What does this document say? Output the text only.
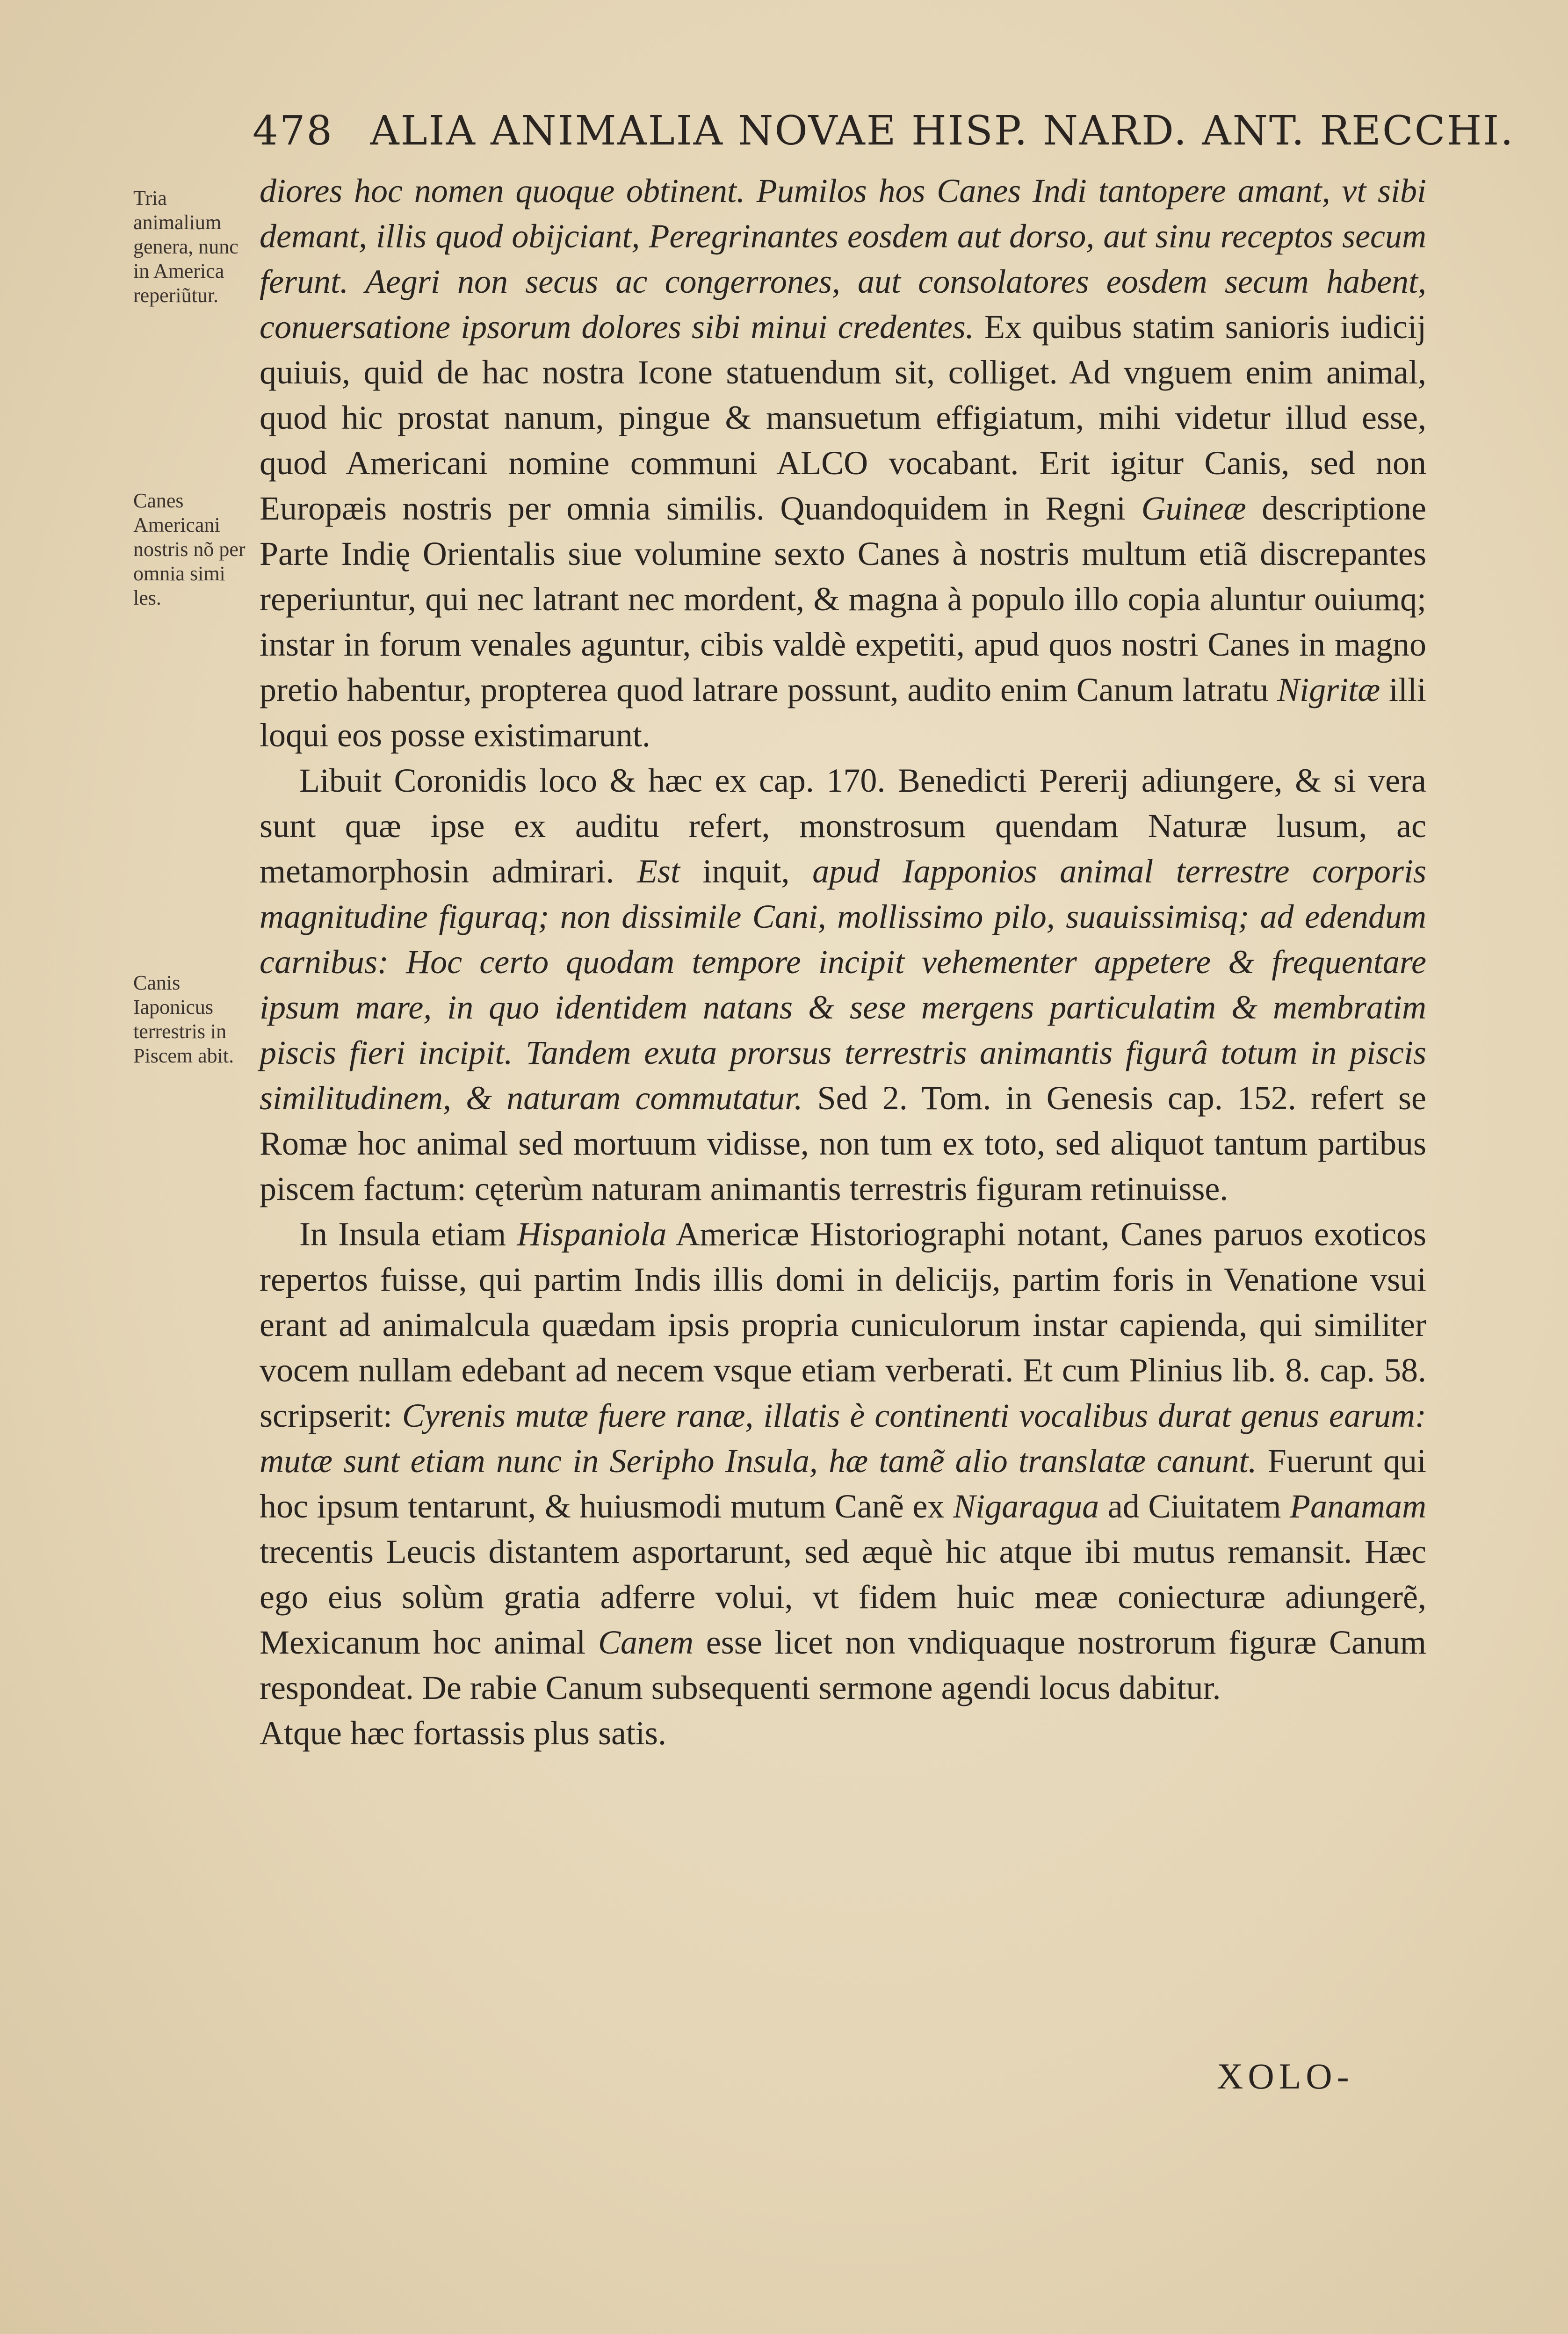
478 ALIA ANIMALIA NOVAE HISP. NARD. ANT. RECCHI.
Tria animalium genera, nunc in America reperiũtur.
Canes Americani nostris nõ per omnia simi les.
Canis Iaponicus terrestris in Piscem abit.

diores hoc nomen quoque obtinent. Pumilos hos Canes Indi tantopere amant, vt sibi demant, illis quod obijciant, Peregrinantes eosdem aut dorso, aut sinu receptos secum ferunt. Aegri non secus ac congerrones, aut consolatores eosdem secum habent, conuersatione ipsorum dolores sibi minui credentes. Ex quibus statim sanioris iudicij quiuis, quid de hac nostra Icone statuendum sit, colliget. Ad vnguem enim animal, quod hic prostat nanum, pingue & mansuetum effigiatum, mihi videtur illud esse, quod Americani nomine communi ALCO vocabant. Erit igitur Canis, sed non Europæis nostris per omnia similis. Quandoquidem in Regni Guineæ descriptione Parte Indię Orientalis siue volumine sexto Canes à nostris multum etiã discrepantes reperiuntur, qui nec latrant nec mordent, & magna à populo illo copia aluntur ouiumq; instar in forum venales aguntur, cibis valdè expetiti, apud quos nostri Canes in magno pretio habentur, propterea quod latrare possunt, audito enim Canum latratu Nigritæ illi loqui eos posse existimarunt.

Libuit Coronidis loco & hæc ex cap. 170. Benedicti Pererij adiungere, & si vera sunt quæ ipse ex auditu refert, monstrosum quendam Naturæ lusum, ac metamorphosin admirari. Est inquit, apud Iapponios animal terrestre corporis magnitudine figuraq; non dissimile Cani, mollissimo pilo, suauissimisq; ad edendum carnibus: Hoc certo quodam tempore incipit vehementer appetere & frequentare ipsum mare, in quo identidem natans & sese mergens particulatim & membratim piscis fieri incipit. Tandem exuta prorsus terrestris animantis figurâ totum in piscis similitudinem, & naturam commutatur. Sed 2. Tom. in Genesis cap. 152. refert se Romæ hoc animal sed mortuum vidisse, non tum ex toto, sed aliquot tantum partibus piscem factum: cęterùm naturam animantis terrestris figuram retinuisse.

In Insula etiam Hispaniola Americæ Historiographi notant, Canes paruos exoticos repertos fuisse, qui partim Indis illis domi in delicijs, partim foris in Venatione vsui erant ad animalcula quædam ipsis propria cuniculorum instar capienda, qui similiter vocem nullam edebant ad necem vsque etiam verberati. Et cum Plinius lib. 8. cap. 58. scripserit: Cyrenis mutæ fuere ranæ, illatis è continenti vocalibus durat genus earum: mutæ sunt etiam nunc in Seripho Insula, hæ tamẽ alio translatæ canunt. Fuerunt qui hoc ipsum tentarunt, & huiusmodi mutum Canẽ ex Nigaragua ad Ciuitatem Panamam trecentis Leucis distantem asportarunt, sed æquè hic atque ibi mutus remansit. Hæc ego eius solùm gratia adferre volui, vt fidem huic meæ coniecturæ adiungerẽ, Mexicanum hoc animal Canem esse licet non vndiquaque nostrorum figuræ Canum respondeat. De rabie Canum subsequenti sermone agendi locus dabitur.

Atque hæc fortassis plus satis.

XOLO-
